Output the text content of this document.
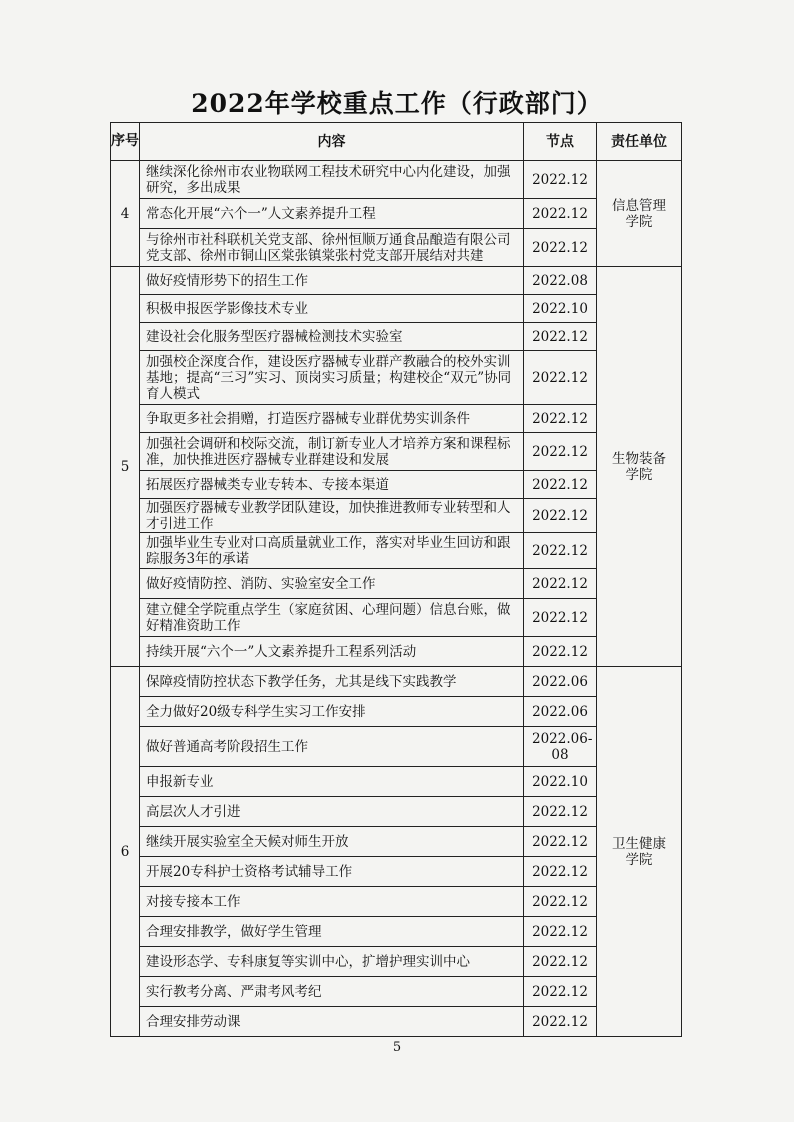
2022年学校重点工作（行政部门）
序号	内容	节点	责任单位
4	继续深化徐州市农业物联网工程技术研究中心内化建设，加强研究，多出成果	2022.12	信息管理学院
	常态化开展“六个一”人文素养提升工程	2022.12	
	与徐州市社科联机关党支部、徐州恒顺万通食品酿造有限公司党支部、徐州市铜山区棠张镇棠张村党支部开展结对共建	2022.12	
5	做好疫情形势下的招生工作	2022.08	生物装备学院
	积极申报医学影像技术专业	2022.10	
	建设社会化服务型医疗器械检测技术实验室	2022.12	
	加强校企深度合作，建设医疗器械专业群产教融合的校外实训基地；提高“三习”实习、顶岗实习质量；构建校企“双元”协同育人模式	2022.12	
	争取更多社会捐赠，打造医疗器械专业群优势实训条件	2022.12	
	加强社会调研和校际交流，制订新专业人才培养方案和课程标准，加快推进医疗器械专业群建设和发展	2022.12	
	拓展医疗器械类专业专转本、专接本渠道	2022.12	
	加强医疗器械专业教学团队建设，加快推进教师专业转型和人才引进工作	2022.12	
	加强毕业生专业对口高质量就业工作，落实对毕业生回访和跟踪服务3年的承诺	2022.12	
	做好疫情防控、消防、实验室安全工作	2022.12	
	建立健全学院重点学生（家庭贫困、心理问题）信息台账，做好精准资助工作	2022.12	
	持续开展“六个一”人文素养提升工程系列活动	2022.12	
6	保障疫情防控状态下教学任务，尤其是线下实践教学	2022.06	卫生健康学院
	全力做好20级专科学生实习工作安排	2022.06	
	做好普通高考阶段招生工作	2022.06-08	
	申报新专业	2022.10	
	高层次人才引进	2022.12	
	继续开展实验室全天候对师生开放	2022.12	
	开展20专科护士资格考试辅导工作	2022.12	
	对接专接本工作	2022.12	
	合理安排教学，做好学生管理	2022.12	
	建设形态学、专科康复等实训中心，扩增护理实训中心	2022.12	
	实行教考分离、严肃考风考纪	2022.12	
	合理安排劳动课	2022.12	
5
